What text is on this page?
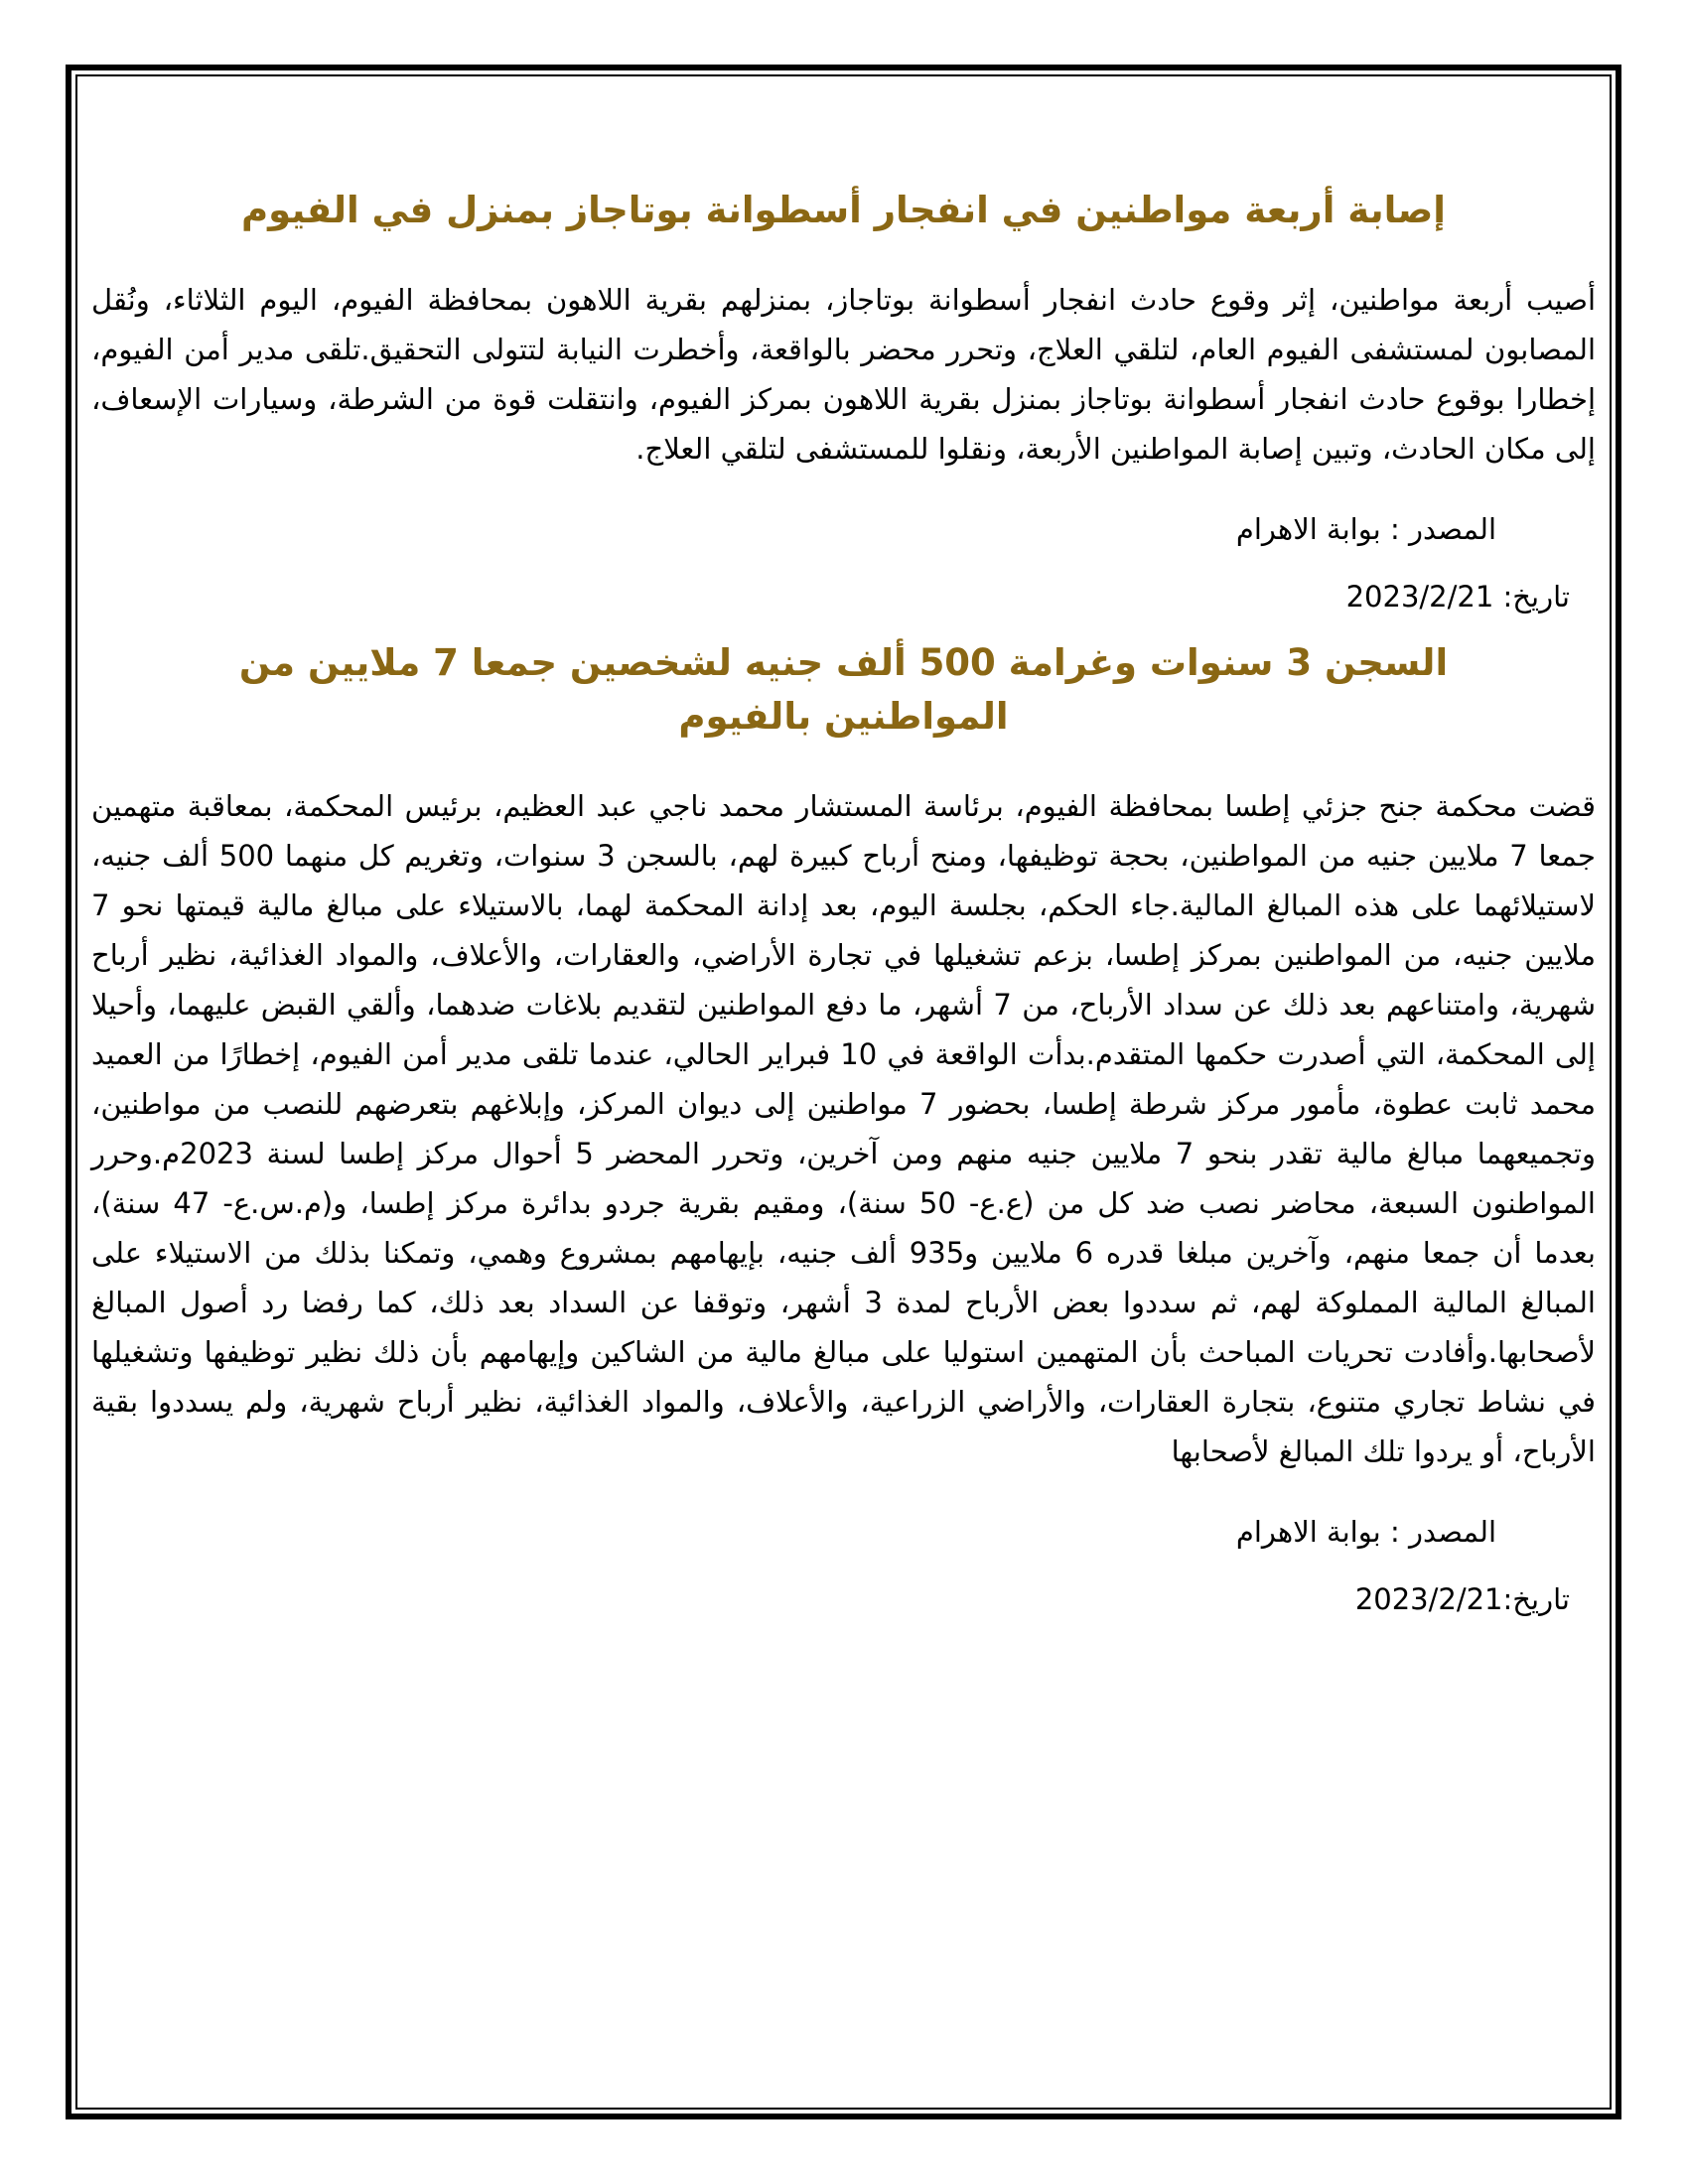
إصابة أربعة مواطنين في انفجار أسطوانة بوتاجاز بمنزل في الفيوم

أصيب أربعة مواطنين، إثر وقوع حادث انفجار أسطوانة بوتاجاز، بمنزلهم بقرية اللاهون بمحافظة الفيوم، اليوم الثلاثاء، ونُقل المصابون لمستشفى الفيوم العام، لتلقي العلاج، وتحرر محضر بالواقعة، وأخطرت النيابة لتتولى التحقيق.تلقى مدير أمن الفيوم، إخطارا بوقوع حادث انفجار أسطوانة بوتاجاز بمنزل بقرية اللاهون بمركز الفيوم، وانتقلت قوة من الشرطة، وسيارات الإسعاف، إلى مكان الحادث، وتبين إصابة المواطنين الأربعة، ونقلوا للمستشفى لتلقي العلاج.

المصدر : بوابة الاهرام

تاريخ: 2023/2/21

السجن 3 سنوات وغرامة 500 ألف جنيه لشخصين جمعا 7 ملايين من المواطنين بالفيوم

قضت محكمة جنح جزئي إطسا بمحافظة الفيوم، برئاسة المستشار محمد ناجي عبد العظيم، برئيس المحكمة، بمعاقبة متهمين جمعا 7 ملايين جنيه من المواطنين، بحجة توظيفها، ومنح أرباح كبيرة لهم، بالسجن 3 سنوات، وتغريم كل منهما 500 ألف جنيه، لاستيلائهما على هذه المبالغ المالية.جاء الحكم، بجلسة اليوم، بعد إدانة المحكمة لهما، بالاستيلاء على مبالغ مالية قيمتها نحو 7 ملايين جنيه، من المواطنين بمركز إطسا، بزعم تشغيلها في تجارة الأراضي، والعقارات، والأعلاف، والمواد الغذائية، نظير أرباح شهرية، وامتناعهم بعد ذلك عن سداد الأرباح، من 7 أشهر، ما دفع المواطنين لتقديم بلاغات ضدهما، وألقي القبض عليهما، وأحيلا إلى المحكمة، التي أصدرت حكمها المتقدم.بدأت الواقعة في 10 فبراير الحالي، عندما تلقى مدير أمن الفيوم، إخطارًا من العميد محمد ثابت عطوة، مأمور مركز شرطة إطسا، بحضور 7 مواطنين إلى ديوان المركز، وإبلاغهم بتعرضهم للنصب من مواطنين، وتجميعهما مبالغ مالية تقدر بنحو 7 ملايين جنيه منهم ومن آخرين، وتحرر المحضر 5 أحوال مركز إطسا لسنة 2023م.وحرر المواطنون السبعة، محاضر نصب ضد كل من (ع.ع- 50 سنة)، ومقيم بقرية جردو بدائرة مركز إطسا، و(م.س.ع- 47 سنة)، بعدما أن جمعا منهم، وآخرين مبلغا قدره 6 ملايين و935 ألف جنيه، بإيهامهم بمشروع وهمي، وتمكنا بذلك من الاستيلاء على المبالغ المالية المملوكة لهم، ثم سددوا بعض الأرباح لمدة 3 أشهر، وتوقفا عن السداد بعد ذلك، كما رفضا رد أصول المبالغ لأصحابها.وأفادت تحريات المباحث بأن المتهمين استوليا على مبالغ مالية من الشاكين وإيهامهم بأن ذلك نظير توظيفها وتشغيلها في نشاط تجاري متنوع، بتجارة العقارات، والأراضي الزراعية، والأعلاف، والمواد الغذائية، نظير أرباح شهرية، ولم يسددوا بقية الأرباح، أو يردوا تلك المبالغ لأصحابها

المصدر : بوابة الاهرام

تاريخ:2023/2/21
